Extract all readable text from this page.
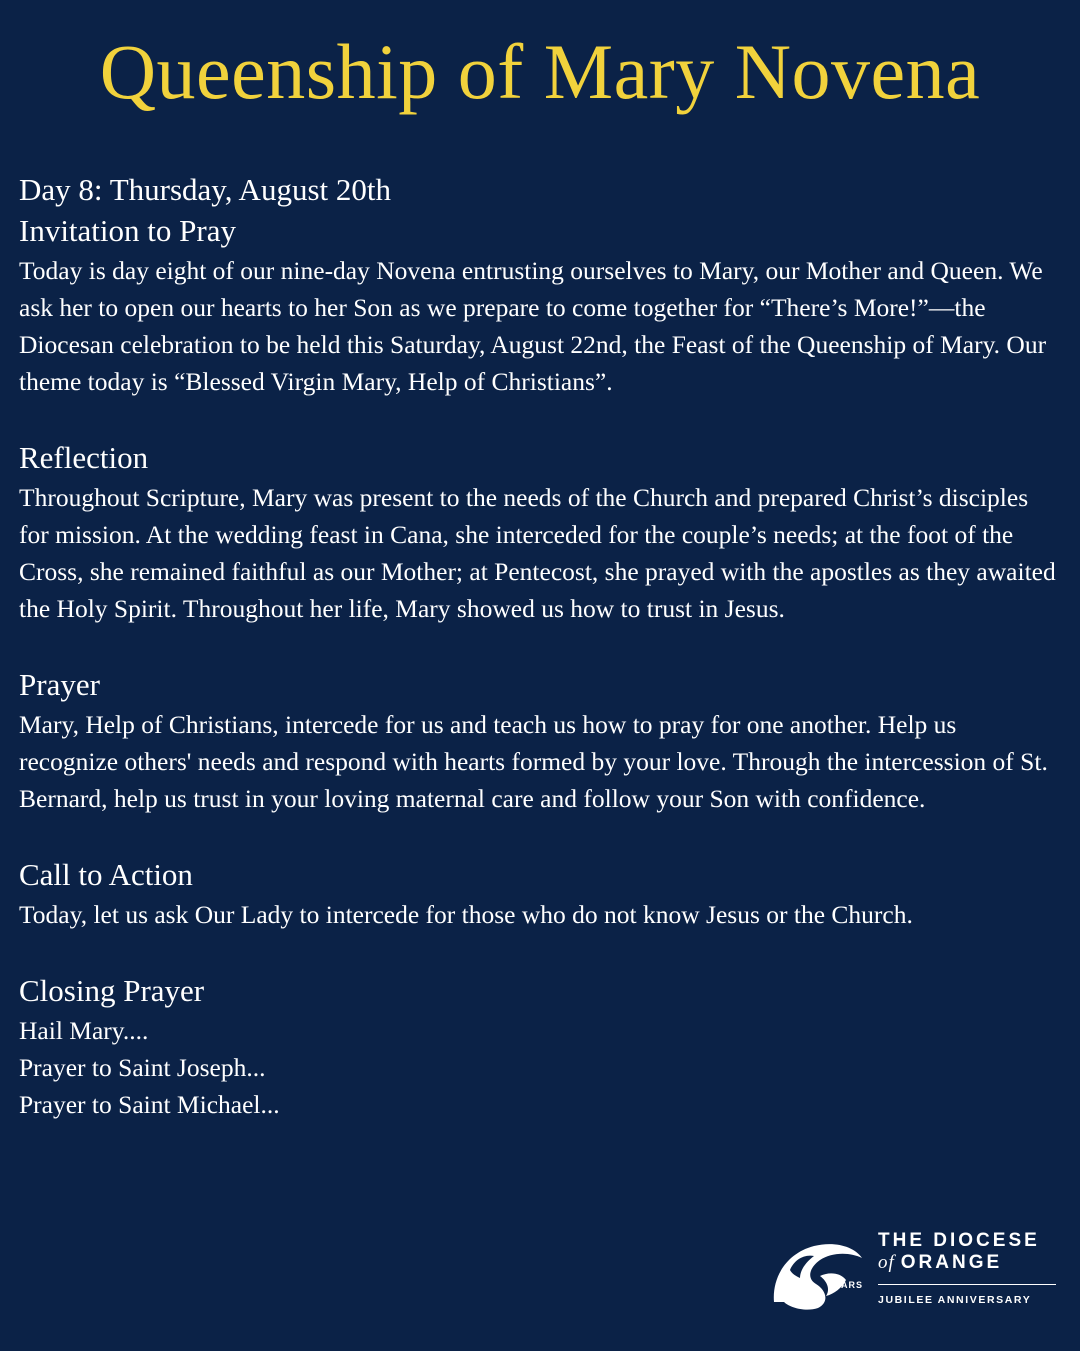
Queenship of Mary Novena

Day 8: Thursday, August 20th

Invitation to Pray

Today is day eight of our nine-day Novena entrusting ourselves to Mary, our Mother and Queen. We ask her to open our hearts to her Son as we prepare to come together for “There’s More!”—the Diocesan celebration to be held this Saturday, August 22nd, the Feast of the Queenship of Mary. Our theme today is “Blessed Virgin Mary, Help of Christians”.

Reflection

Throughout Scripture, Mary was present to the needs of the Church and prepared Christ’s disciples for mission. At the wedding feast in Cana, she interceded for the couple’s needs; at the foot of the Cross, she remained faithful as our Mother; at Pentecost, she prayed with the apostles as they awaited the Holy Spirit. Throughout her life, Mary showed us how to trust in Jesus.

Prayer

Mary, Help of Christians, intercede for us and teach us how to pray for one another. Help us recognize others' needs and respond with hearts formed by your love. Through the intercession of St. Bernard, help us trust in your loving maternal care and follow your Son with confidence.

Call to Action

Today, let us ask Our Lady to intercede for those who do not know Jesus or the Church.

Closing Prayer

Hail Mary....

Prayer to Saint Joseph...

Prayer to Saint Michael...

YEARS
THE DIOCESE
of ORANGE
JUBILEE ANNIVERSARY
